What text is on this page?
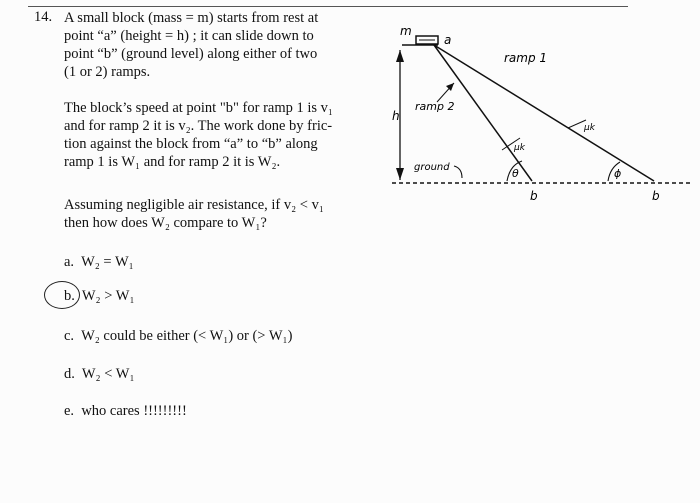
14. A small block (mass = m) starts from rest at
point “a” (height = h) ; it can slide down to
point “b” (ground level) along either of two
(1 or 2) ramps.
The block’s speed at point "b" for ramp 1 is v₁
and for ramp 2 it is v₂. The work done by fric-
tion against the block from “a” to “b” along
ramp 1 is W₁ and for ramp 2 it is W₂.
Assuming negligible air resistance, if v₂ < v₁
then how does W₂ compare to W₁?
a. W₂ = W₁
b. W₂ > W₁
c. W₂ could be either (< W₁) or (> W₁)
d. W₂ < W₁
e. who cares !!!!!!!!!
m
a
h
ground
ramp 2
μk
θ
b
ramp 1
μk
ϕ
b
